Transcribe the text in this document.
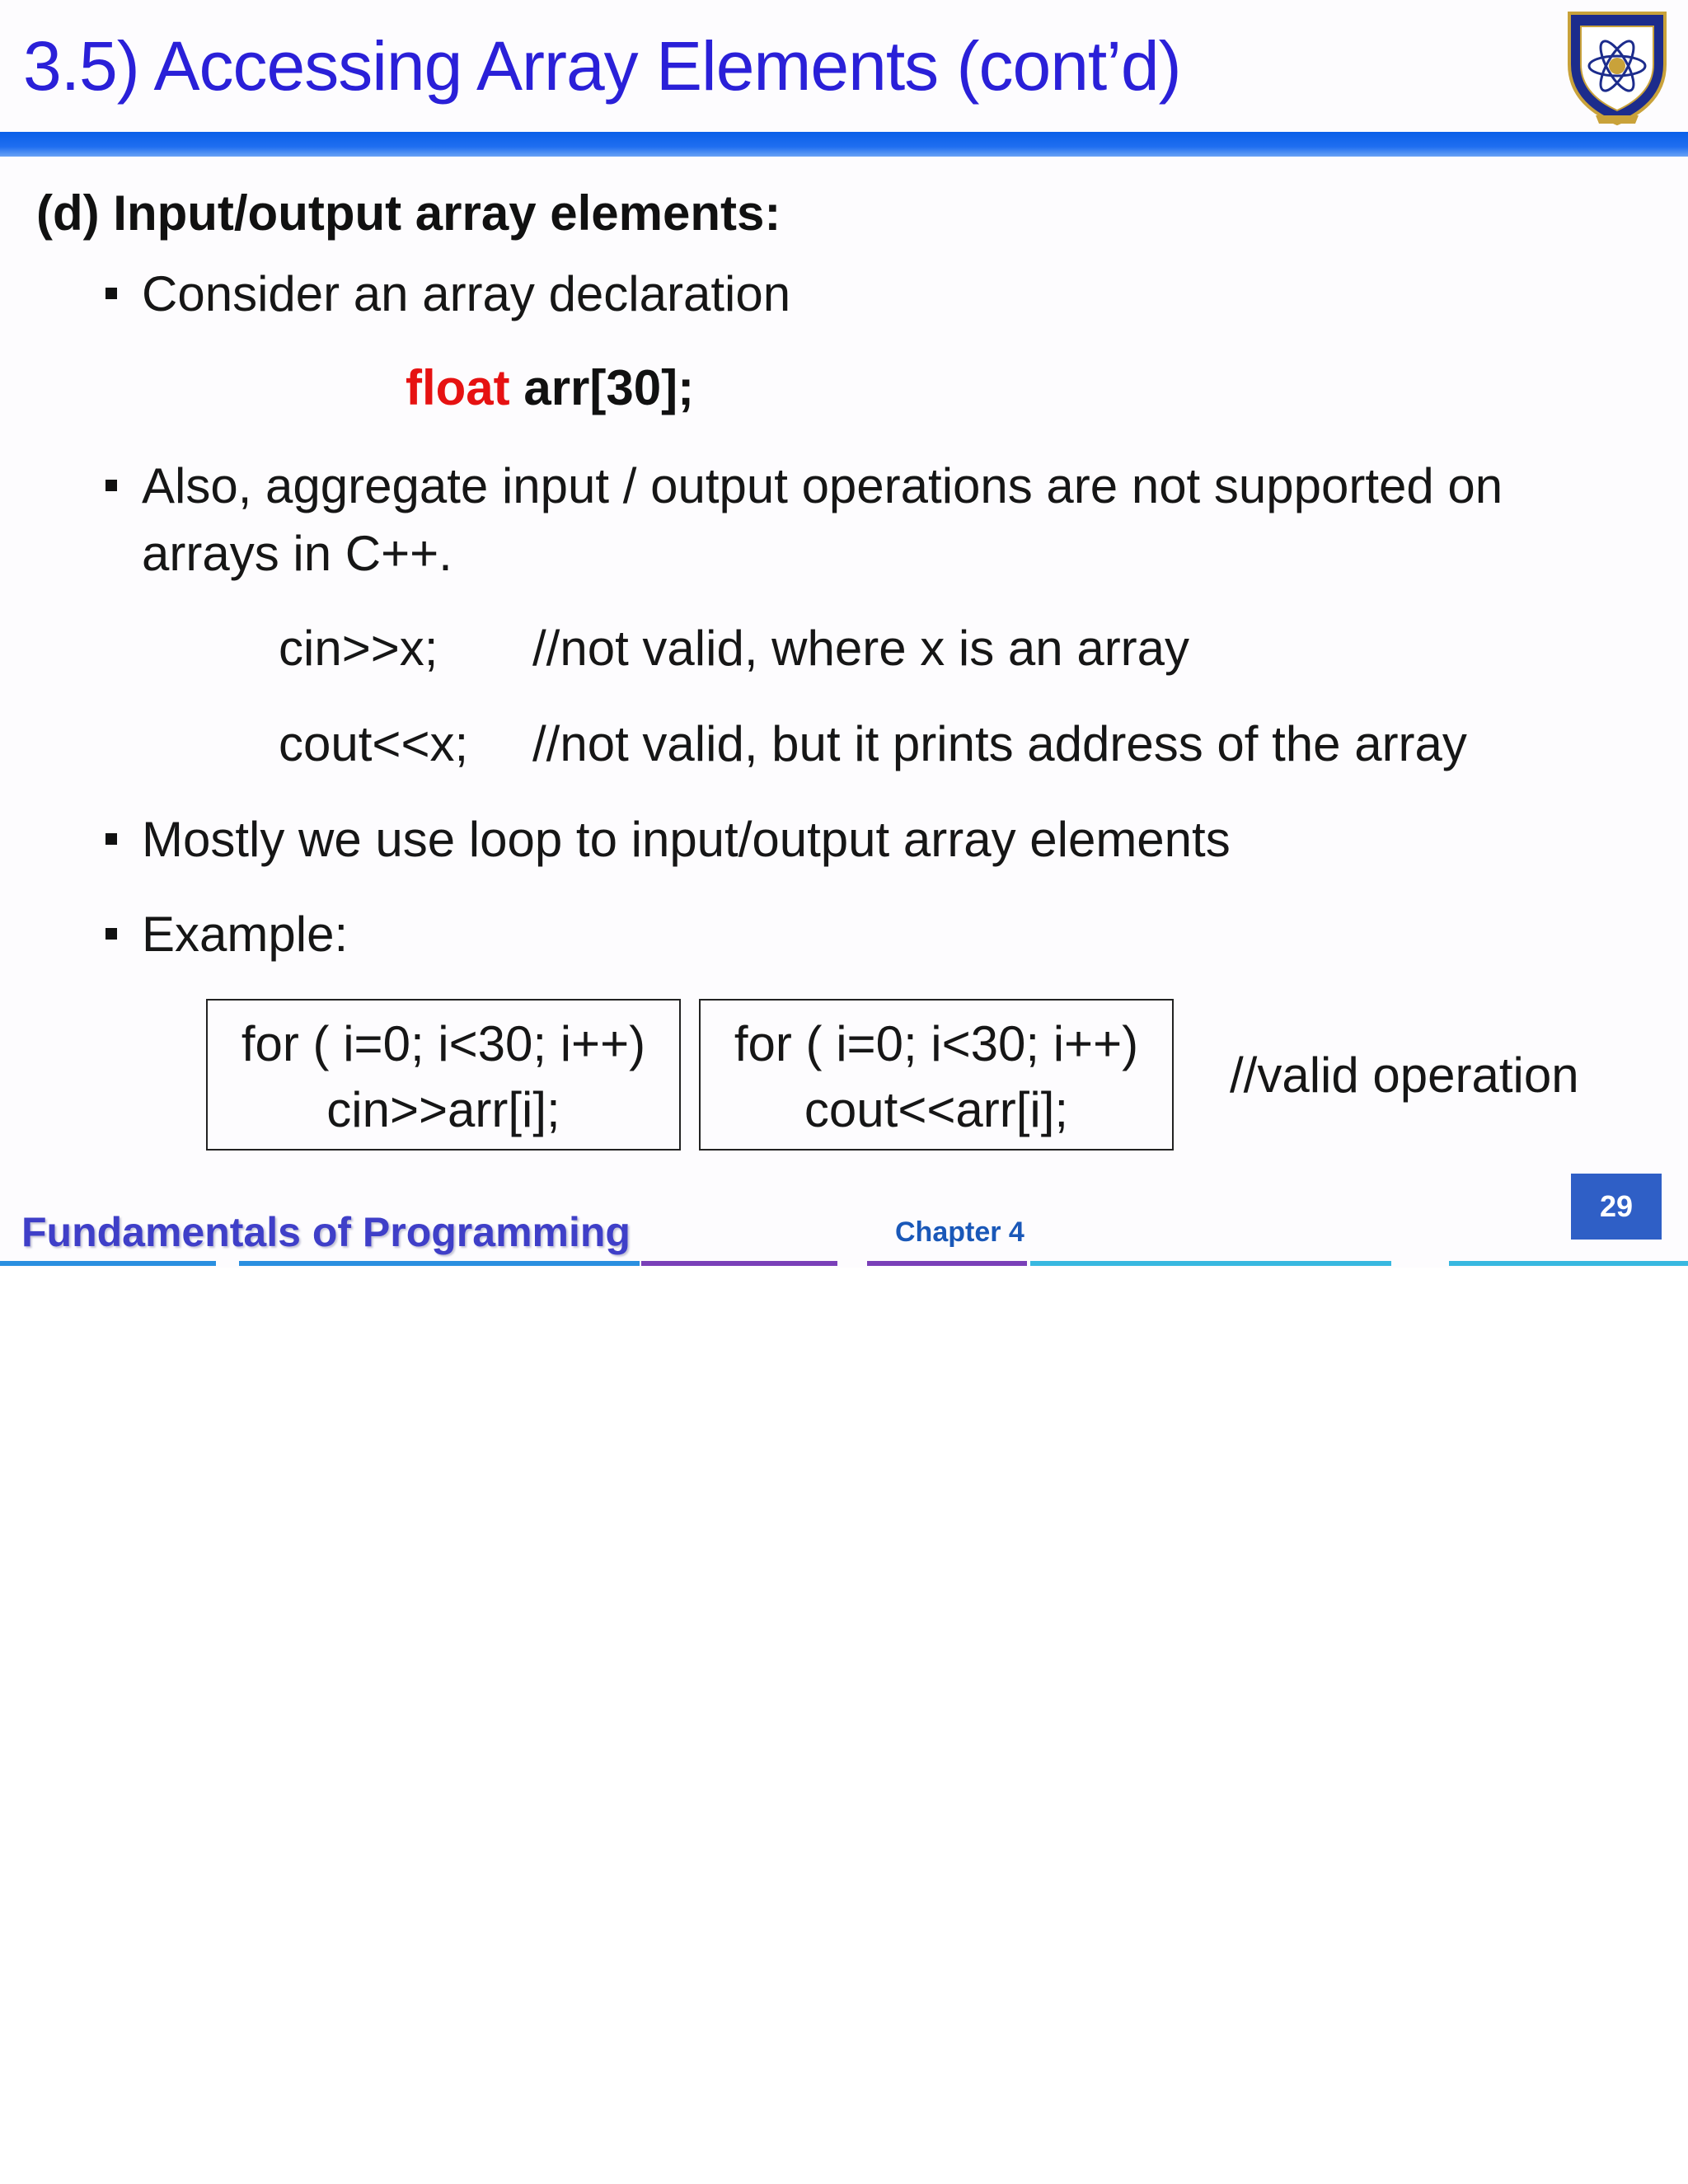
3.5) Accessing Array Elements (cont’d)
(d) Input/output array elements:
Consider an array declaration
float arr[30];
Also, aggregate input / output operations are not supported on
arrays in C++.
cin>>x; //not valid, where x is an array
cout<<x; //not valid, but it prints address of the array
Mostly we use loop to input/output array elements
Example:
for ( i=0; i<30; i++)
cin>>arr[i];
for ( i=0; i<30; i++)
cout<<arr[i];
//valid operation
Fundamentals of Programming	Chapter 4
29
